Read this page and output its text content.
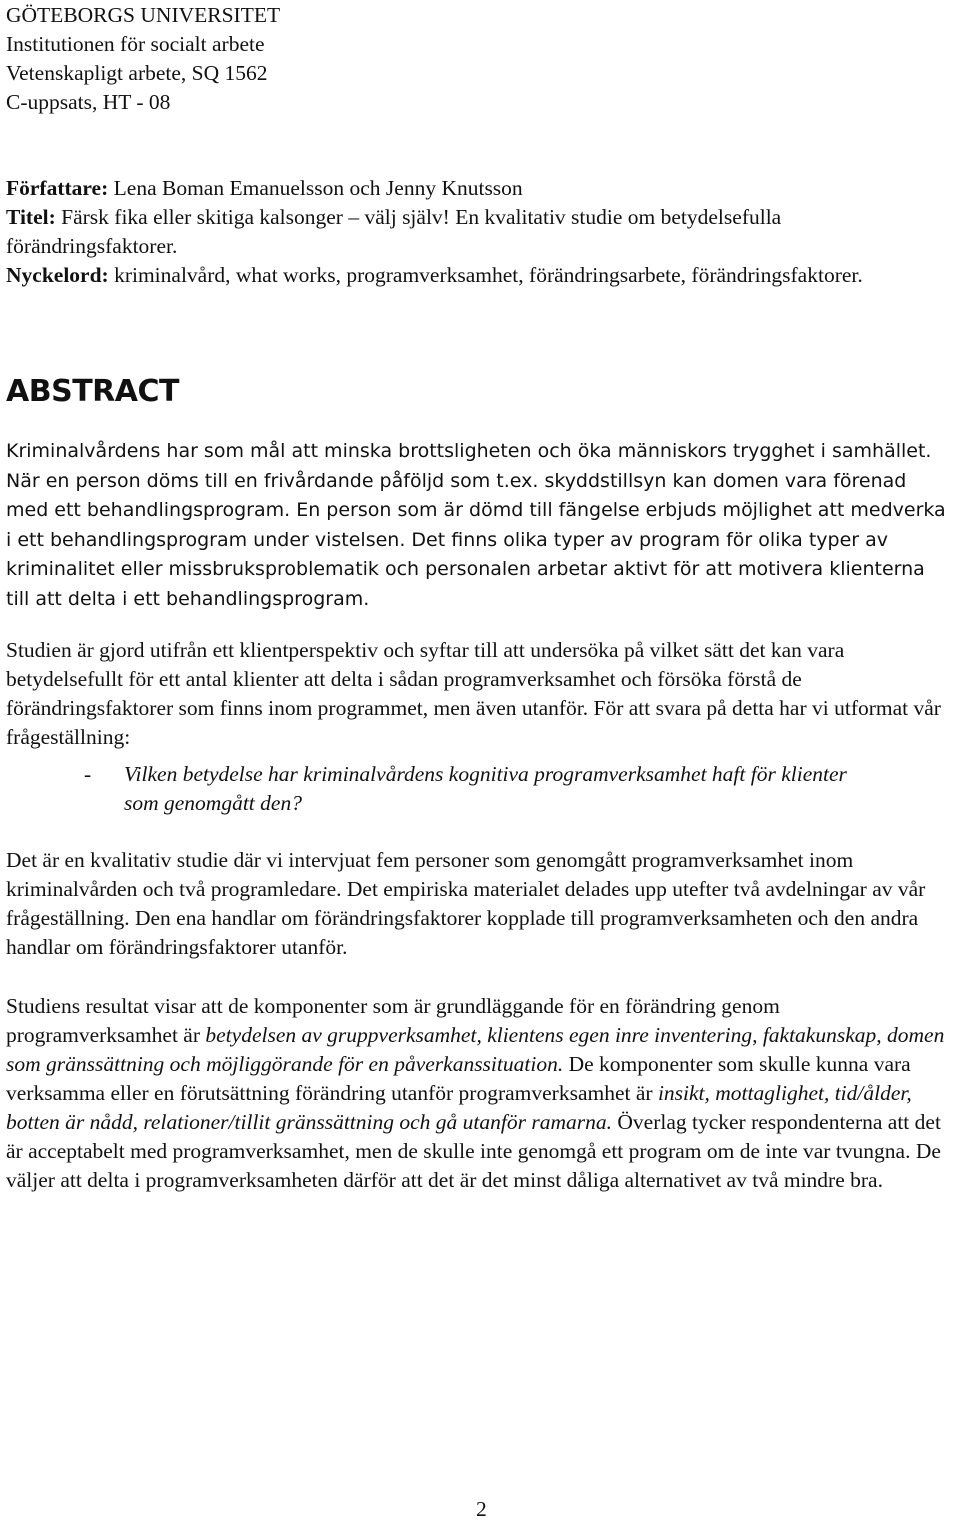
GÖTEBORGS UNIVERSITET
Institutionen för socialt arbete
Vetenskapligt arbete, SQ 1562
C-uppsats, HT - 08

Författare: Lena Boman Emanuelsson och Jenny Knutsson

Titel: Färsk fika eller skitiga kalsonger – välj själv! En kvalitativ studie om betydelsefulla förändringsfaktorer.

Nyckelord: kriminalvård, what works, programverksamhet, förändringsarbete, förändringsfaktorer.

ABSTRACT

Kriminalvårdens har som mål att minska brottsligheten och öka människors trygghet i samhället. När en person döms till en frivårdande påföljd som t.ex. skyddstillsyn kan domen vara förenad med ett behandlingsprogram. En person som är dömd till fängelse erbjuds möjlighet att medverka i ett behandlingsprogram under vistelsen. Det finns olika typer av program för olika typer av kriminalitet eller missbruksproblematik och personalen arbetar aktivt för att motivera klienterna till att delta i ett behandlingsprogram.

Studien är gjord utifrån ett klientperspektiv och syftar till att undersöka på vilket sätt det kan vara betydelsefullt för ett antal klienter att delta i sådan programverksamhet och försöka förstå de förändringsfaktorer som finns inom programmet, men även utanför. För att svara på detta har vi utformat vår frågeställning:

- Vilken betydelse har kriminalvårdens kognitiva programverksamhet haft för klienter som genomgått den?

Det är en kvalitativ studie där vi intervjuat fem personer som genomgått programverksamhet inom kriminalvården och två programledare. Det empiriska materialet delades upp utefter två avdelningar av vår frågeställning. Den ena handlar om förändringsfaktorer kopplade till programverksamheten och den andra handlar om förändringsfaktorer utanför.

Studiens resultat visar att de komponenter som är grundläggande för en förändring genom programverksamhet är betydelsen av gruppverksamhet, klientens egen inre inventering, faktakunskap, domen som gränssättning och möjliggörande för en påverkanssituation. De komponenter som skulle kunna vara verksamma eller en förutsättning förändring utanför programverksamhet är insikt, mottaglighet, tid/ålder, botten är nådd, relationer/tillit gränssättning och gå utanför ramarna. Överlag tycker respondenterna att det är acceptabelt med programverksamhet, men de skulle inte genomgå ett program om de inte var tvungna. De väljer att delta i programverksamheten därför att det är det minst dåliga alternativet av två mindre bra.

2
